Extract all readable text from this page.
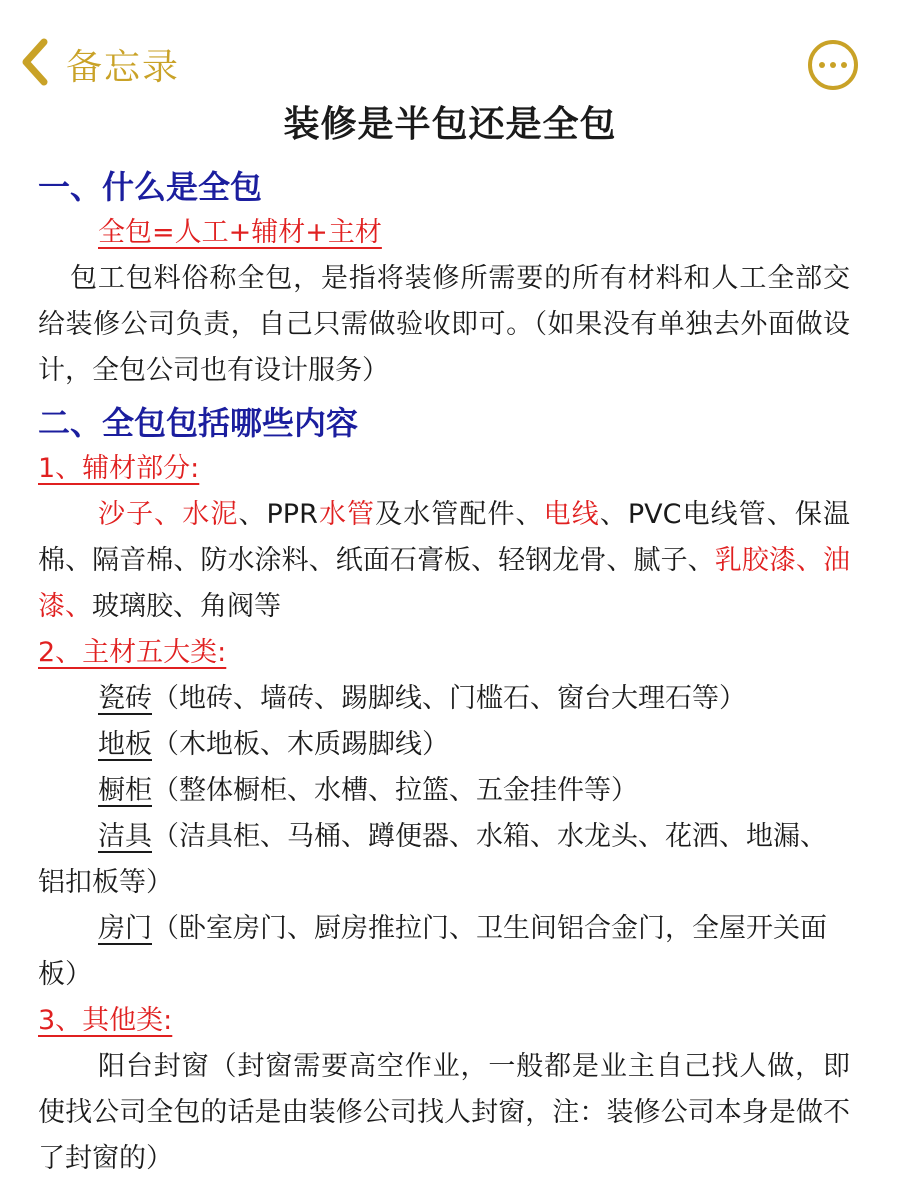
备忘录
装修是半包还是全包
一、什么是全包
全包=人工+辅材+主材
包工包料俗称全包，是指将装修所需要的所有材料和人工全部交给装修公司负责，自己只需做验收即可。（如果没有单独去外面做设计，全包公司也有设计服务）
二、全包包括哪些内容
1、辅材部分:
沙子、水泥、PPR水管及水管配件、电线、PVC电线管、保温棉、隔音棉、防水涂料、纸面石膏板、轻钢龙骨、腻子、乳胶漆、油漆、玻璃胶、角阀等
2、主材五大类:
瓷砖（地砖、墙砖、踢脚线、门槛石、窗台大理石等）
地板（木地板、木质踢脚线）
橱柜（整体橱柜、水槽、拉篮、五金挂件等）
洁具（洁具柜、马桶、蹲便器、水箱、水龙头、花洒、地漏、铝扣板等）
房门（卧室房门、厨房推拉门、卫生间铝合金门，全屋开关面板）
3、其他类:
阳台封窗（封窗需要高空作业，一般都是业主自己找人做，即使找公司全包的话是由装修公司找人封窗，注：装修公司本身是做不了封窗的）
